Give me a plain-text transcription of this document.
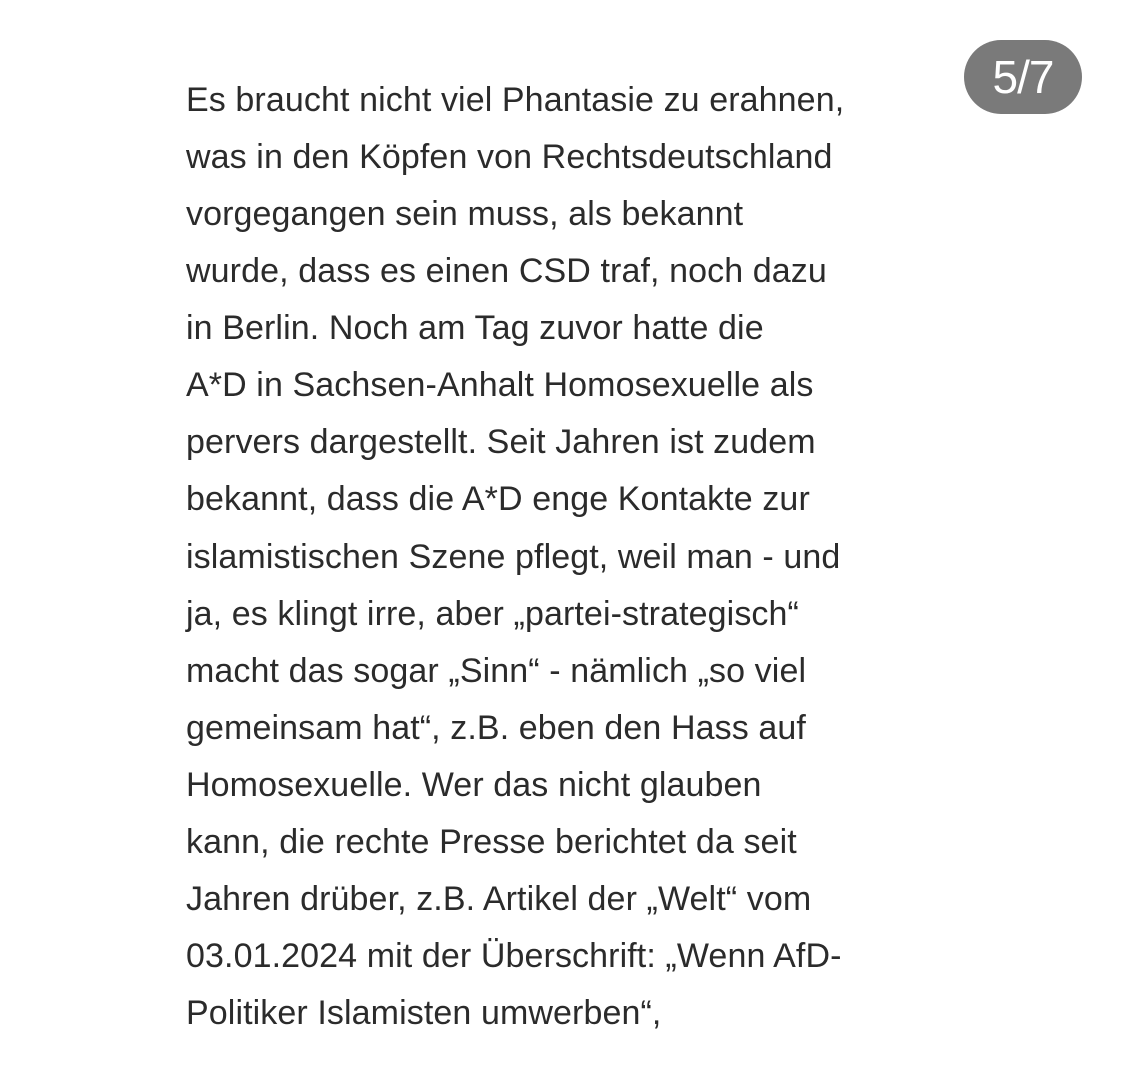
5/7
Es braucht nicht viel Phantasie zu erahnen,
was in den Köpfen von Rechtsdeutschland
vorgegangen sein muss, als bekannt
wurde, dass es einen CSD traf, noch dazu
in Berlin. Noch am Tag zuvor hatte die
A*D in Sachsen-Anhalt Homosexuelle als
pervers dargestellt. Seit Jahren ist zudem
bekannt, dass die A*D enge Kontakte zur
islamistischen Szene pflegt, weil man - und
ja, es klingt irre, aber „partei-strategisch“
macht das sogar „Sinn“ - nämlich „so viel
gemeinsam hat“, z.B. eben den Hass auf
Homosexuelle. Wer das nicht glauben
kann, die rechte Presse berichtet da seit
Jahren drüber, z.B. Artikel der „Welt“ vom
03.01.2024 mit der Überschrift: „Wenn AfD-
Politiker Islamisten umwerben“,
